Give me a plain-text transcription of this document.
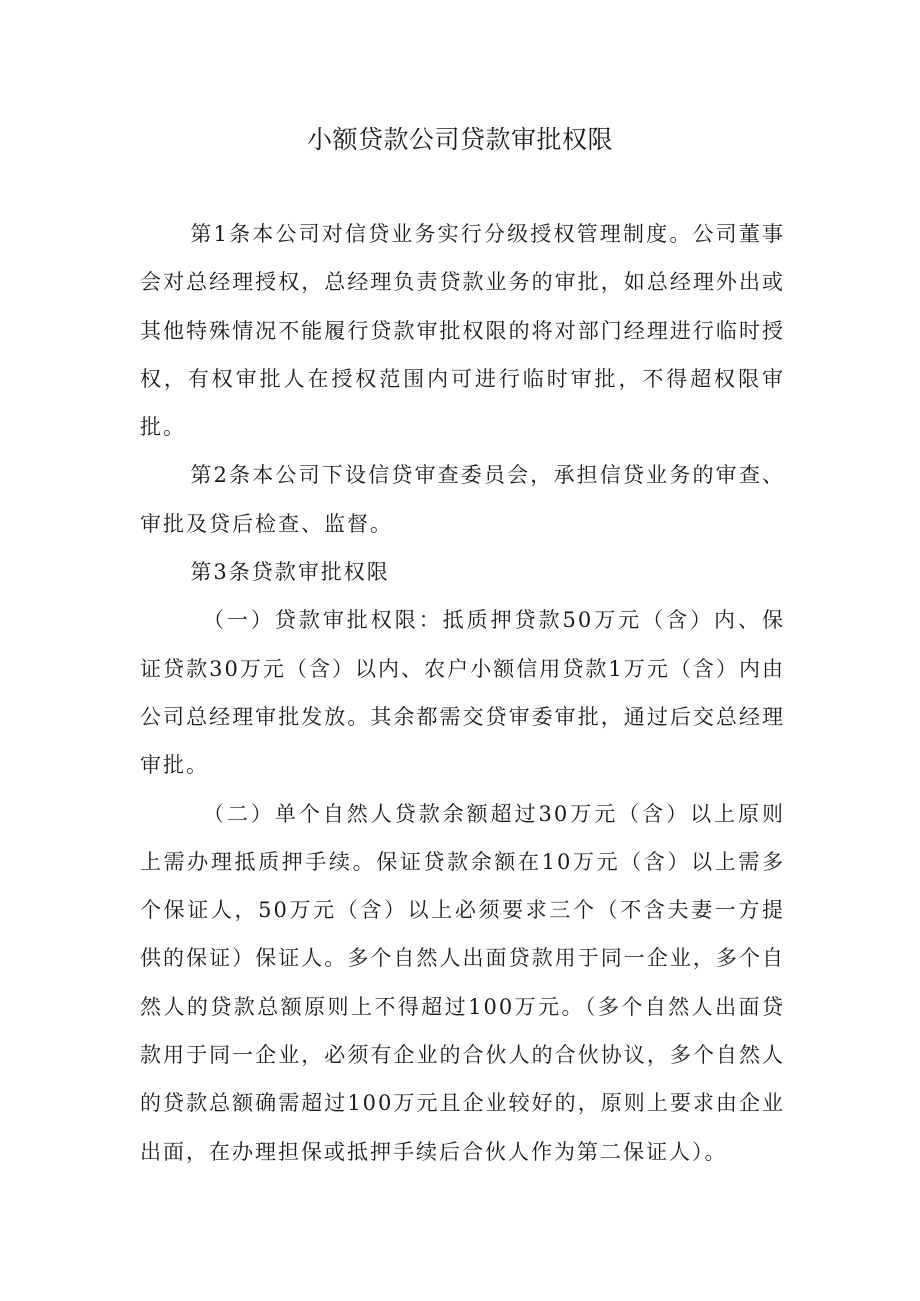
小额贷款公司贷款审批权限

第1条本公司对信贷业务实行分级授权管理制度。公司董事会对总经理授权，总经理负责贷款业务的审批，如总经理外出或其他特殊情况不能履行贷款审批权限的将对部门经理进行临时授权，有权审批人在授权范围内可进行临时审批，不得超权限审批。

第2条本公司下设信贷审查委员会，承担信贷业务的审查、审批及贷后检查、监督。

第3条贷款审批权限

（一）贷款审批权限：抵质押贷款50万元（含）内、保证贷款30万元（含）以内、农户小额信用贷款1万元（含）内由公司总经理审批发放。其余都需交贷审委审批，通过后交总经理审批。

（二）单个自然人贷款余额超过30万元（含）以上原则上需办理抵质押手续。保证贷款余额在10万元（含）以上需多个保证人，50万元（含）以上必须要求三个（不含夫妻一方提供的保证）保证人。多个自然人出面贷款用于同一企业，多个自然人的贷款总额原则上不得超过100万元。（多个自然人出面贷款用于同一企业，必须有企业的合伙人的合伙协议，多个自然人的贷款总额确需超过100万元且企业较好的，原则上要求由企业出面，在办理担保或抵押手续后合伙人作为第二保证人）。
